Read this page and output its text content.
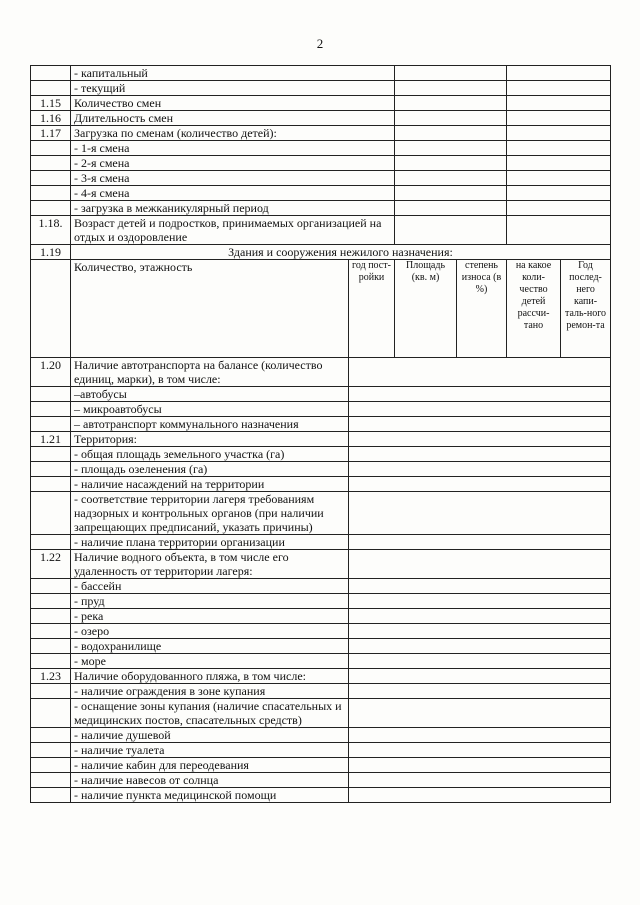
2
	- капитальный					
	- текущий					
1.15	Количество смен					
1.16	Длительность смен					
1.17	Загрузка по сменам (количество детей):					
	- 1-я смена					
	- 2-я смена					
	- 3-я смена					
	- 4-я смена					
	- загрузка в межканикулярный период					
1.18.	Возраст детей и подростков, принимаемых организацией на отдых и оздоровление					
1.19	Здания и сооружения нежилого назначения:					
	Количество, этажность	год пост-ройки	Площадь (кв. м)	степень износа (в %)	на какое коли-чество детей рассчи-тано	Год послед-него капи-таль-ного ремон-та
1.20	Наличие автотранспорта на балансе (количество единиц, марки), в том числе:					
	–автобусы					
	– микроавтобусы					
	– автотранспорт коммунального назначения					
1.21	Территория:					
	- общая площадь земельного участка (га)					
	- площадь озеленения (га)					
	- наличие насаждений на территории					
	- соответствие территории лагеря требованиям надзорных и контрольных органов (при наличии запрещающих предписаний, указать причины)					
	- наличие плана территории организации					
1.22	Наличие водного объекта, в том числе его удаленность от территории лагеря:					
	- бассейн					
	- пруд					
	- река					
	- озеро					
	- водохранилище					
	- море					
1.23	Наличие оборудованного пляжа, в том числе:					
	- наличие ограждения в зоне купания					
	- оснащение зоны купания (наличие спасательных и медицинских постов, спасательных средств)					
	- наличие душевой					
	- наличие туалета					
	- наличие кабин для переодевания					
	- наличие навесов от солнца					
	- наличие пункта медицинской помощи					
